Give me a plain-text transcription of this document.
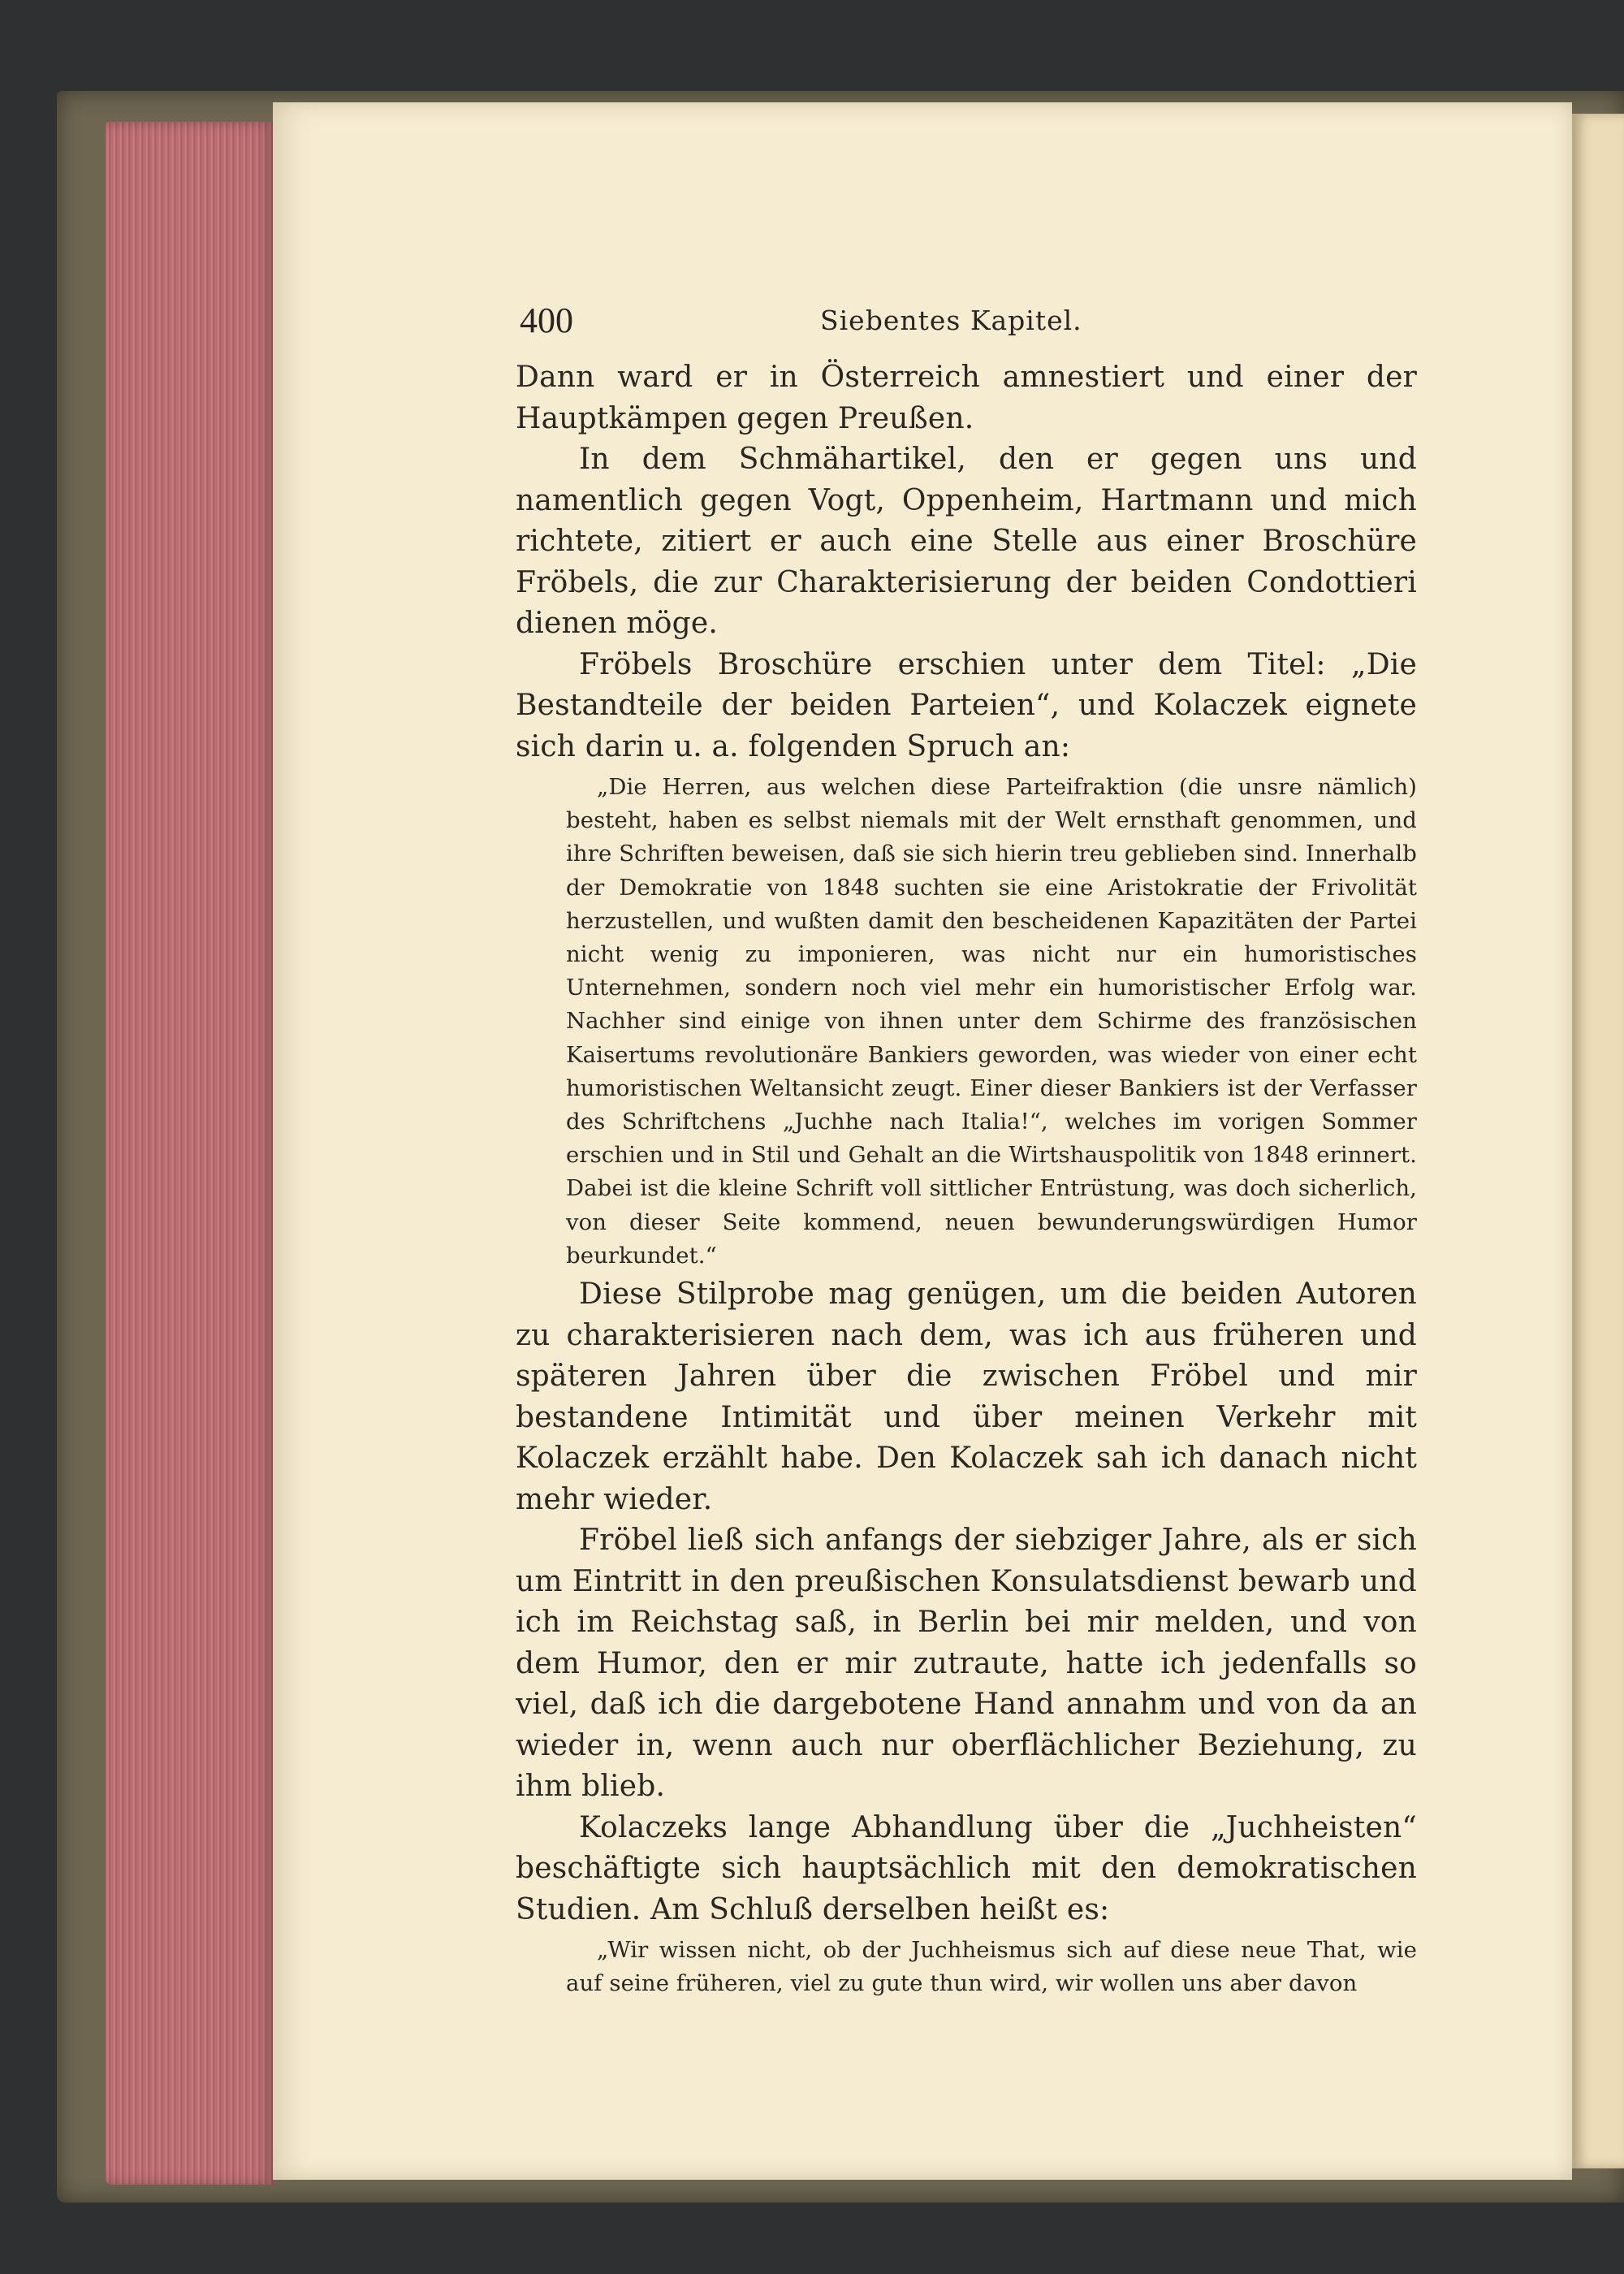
400	Siebentes Kapitel.

Dann ward er in Österreich amnestiert und einer der Hauptkämpen gegen Preußen.

In dem Schmähartikel, den er gegen uns und namentlich gegen Vogt, Oppenheim, Hartmann und mich richtete, zitiert er auch eine Stelle aus einer Broschüre Fröbels, die zur Charakterisierung der beiden Condottieri dienen möge.

Fröbels Broschüre erschien unter dem Titel: „Die Bestandteile der beiden Parteien“, und Kolaczek eignete sich darin u. a. folgenden Spruch an:

„Die Herren, aus welchen diese Parteifraktion (die unsre nämlich) besteht, haben es selbst niemals mit der Welt ernsthaft genommen, und ihre Schriften beweisen, daß sie sich hierin treu geblieben sind. Innerhalb der Demokratie von 1848 suchten sie eine Aristokratie der Frivolität herzustellen, und wußten damit den bescheidenen Kapazitäten der Partei nicht wenig zu imponieren, was nicht nur ein humoristisches Unternehmen, sondern noch viel mehr ein humoristischer Erfolg war. Nachher sind einige von ihnen unter dem Schirme des französischen Kaisertums revolutionäre Bankiers geworden, was wieder von einer echt humoristischen Weltansicht zeugt. Einer dieser Bankiers ist der Verfasser des Schriftchens „Juchhe nach Italia!“, welches im vorigen Sommer erschien und in Stil und Gehalt an die Wirtshauspolitik von 1848 erinnert. Dabei ist die kleine Schrift voll sittlicher Entrüstung, was doch sicherlich, von dieser Seite kommend, neuen bewunderungswürdigen Humor beurkundet.“

Diese Stilprobe mag genügen, um die beiden Autoren zu charakterisieren nach dem, was ich aus früheren und späteren Jahren über die zwischen Fröbel und mir bestandene Intimität und über meinen Verkehr mit Kolaczek erzählt habe. Den Kolaczek sah ich danach nicht mehr wieder.

Fröbel ließ sich anfangs der siebziger Jahre, als er sich um Eintritt in den preußischen Konsulatsdienst bewarb und ich im Reichstag saß, in Berlin bei mir melden, und von dem Humor, den er mir zutraute, hatte ich jedenfalls so viel, daß ich die dargebotene Hand annahm und von da an wieder in, wenn auch nur oberflächlicher Beziehung, zu ihm blieb.

Kolaczeks lange Abhandlung über die „Juchheisten“ beschäftigte sich hauptsächlich mit den demokratischen Studien. Am Schluß derselben heißt es:

„Wir wissen nicht, ob der Juchheismus sich auf diese neue That, wie auf seine früheren, viel zu gute thun wird, wir wollen uns aber davon
